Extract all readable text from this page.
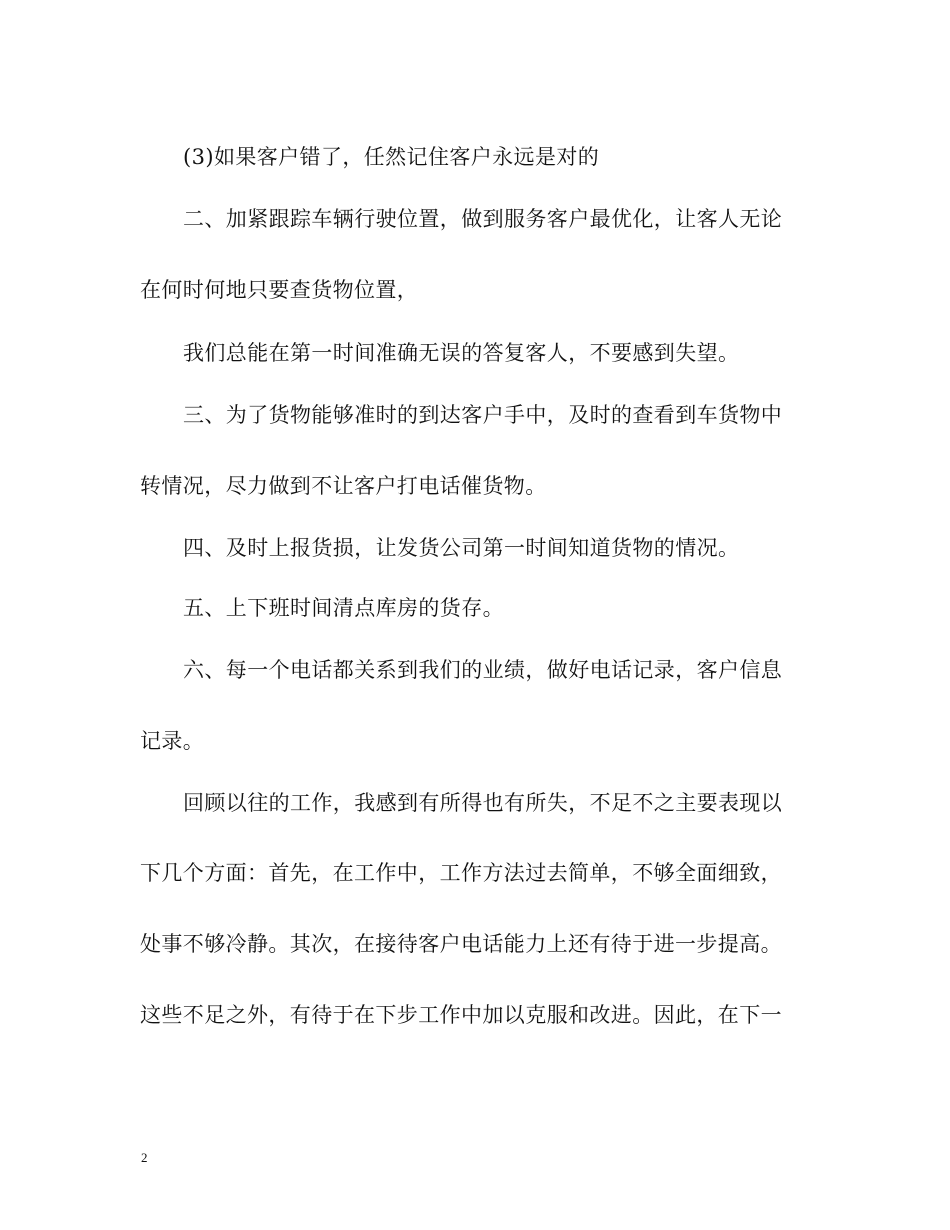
(3)如果客户错了，任然记住客户永远是对的
二、加紧跟踪车辆行驶位置，做到服务客户最优化，让客人无论
在何时何地只要查货物位置，
我们总能在第一时间准确无误的答复客人，不要感到失望。
三、为了货物能够准时的到达客户手中，及时的查看到车货物中
转情况，尽力做到不让客户打电话催货物。
四、及时上报货损，让发货公司第一时间知道货物的情况。
五、上下班时间清点库房的货存。
六、每一个电话都关系到我们的业绩，做好电话记录，客户信息
记录。
回顾以往的工作，我感到有所得也有所失，不足不之主要表现以
下几个方面：首先，在工作中，工作方法过去简单，不够全面细致，
处事不够冷静。其次，在接待客户电话能力上还有待于进一步提高。
这些不足之外，有待于在下步工作中加以克服和改进。因此，在下一
2
